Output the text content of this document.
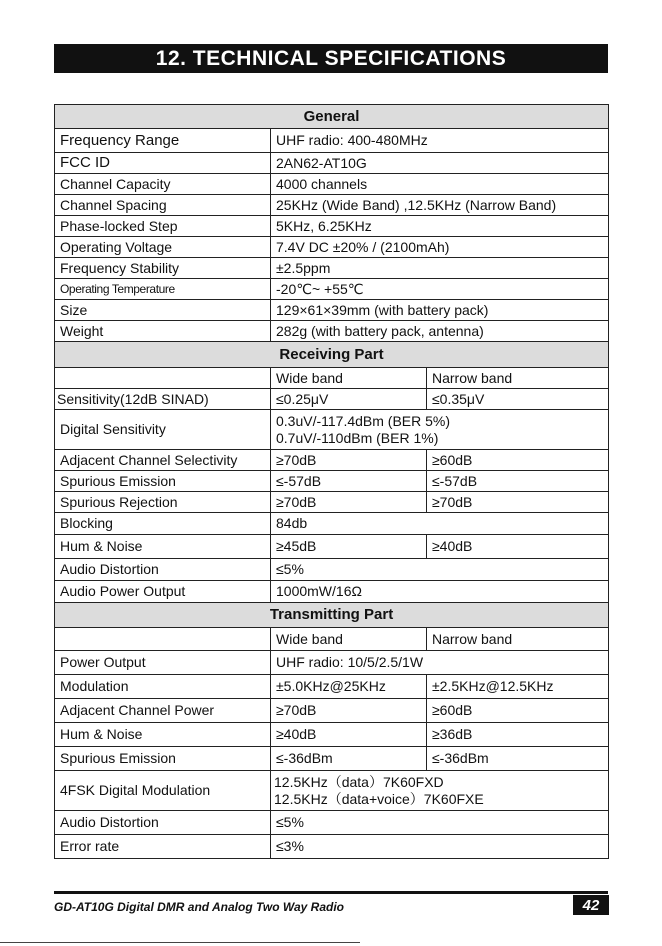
12. TECHNICAL SPECIFICATIONS
General		
Frequency Range	UHF radio: 400-480MHz	
FCC ID	2AN62-AT10G	
Channel Capacity	4000 channels	
Channel Spacing	25KHz (Wide Band) ,12.5KHz (Narrow Band)	
Phase-locked Step	5KHz, 6.25KHz	
Operating Voltage	7.4V DC ±20% / (2100mAh)	
Frequency Stability	±2.5ppm	
Operating Temperature	-20℃~ +55℃	
Size	129×61×39mm (with battery pack)	
Weight	282g (with battery pack, antenna)	
Receiving Part		
	Wide band	Narrow band
Sensitivity(12dB SINAD)	≤0.25μV	≤0.35μV
Digital Sensitivity	0.3uV/-117.4dBm (BER 5%)
0.7uV/-110dBm (BER 1%)	

Adjacent Channel Selectivity	≥70dB	≥60dB
Spurious Emission	≤-57dB	≤-57dB
Spurious Rejection	≥70dB	≥70dB
Blocking	84db	
Hum & Noise	≥45dB	≥40dB
Audio Distortion	≤5%	
Audio Power Output	1000mW/16Ω	
Transmitting Part		
	Wide band	Narrow band
Power Output	UHF radio: 10/5/2.5/1W	
Modulation	±5.0KHz@25KHz	±2.5KHz@12.5KHz
Adjacent Channel Power	≥70dB	≥60dB
Hum & Noise	≥40dB	≥36dB
Spurious Emission	≤-36dBm	≤-36dBm
4FSK Digital Modulation	12.5KHz（data）7K60FXD
12.5KHz（data+voice）7K60FXE	

Audio Distortion	≤5%	
Error rate	≤3%	
GD-AT10G Digital DMR and Analog Two Way Radio	42
